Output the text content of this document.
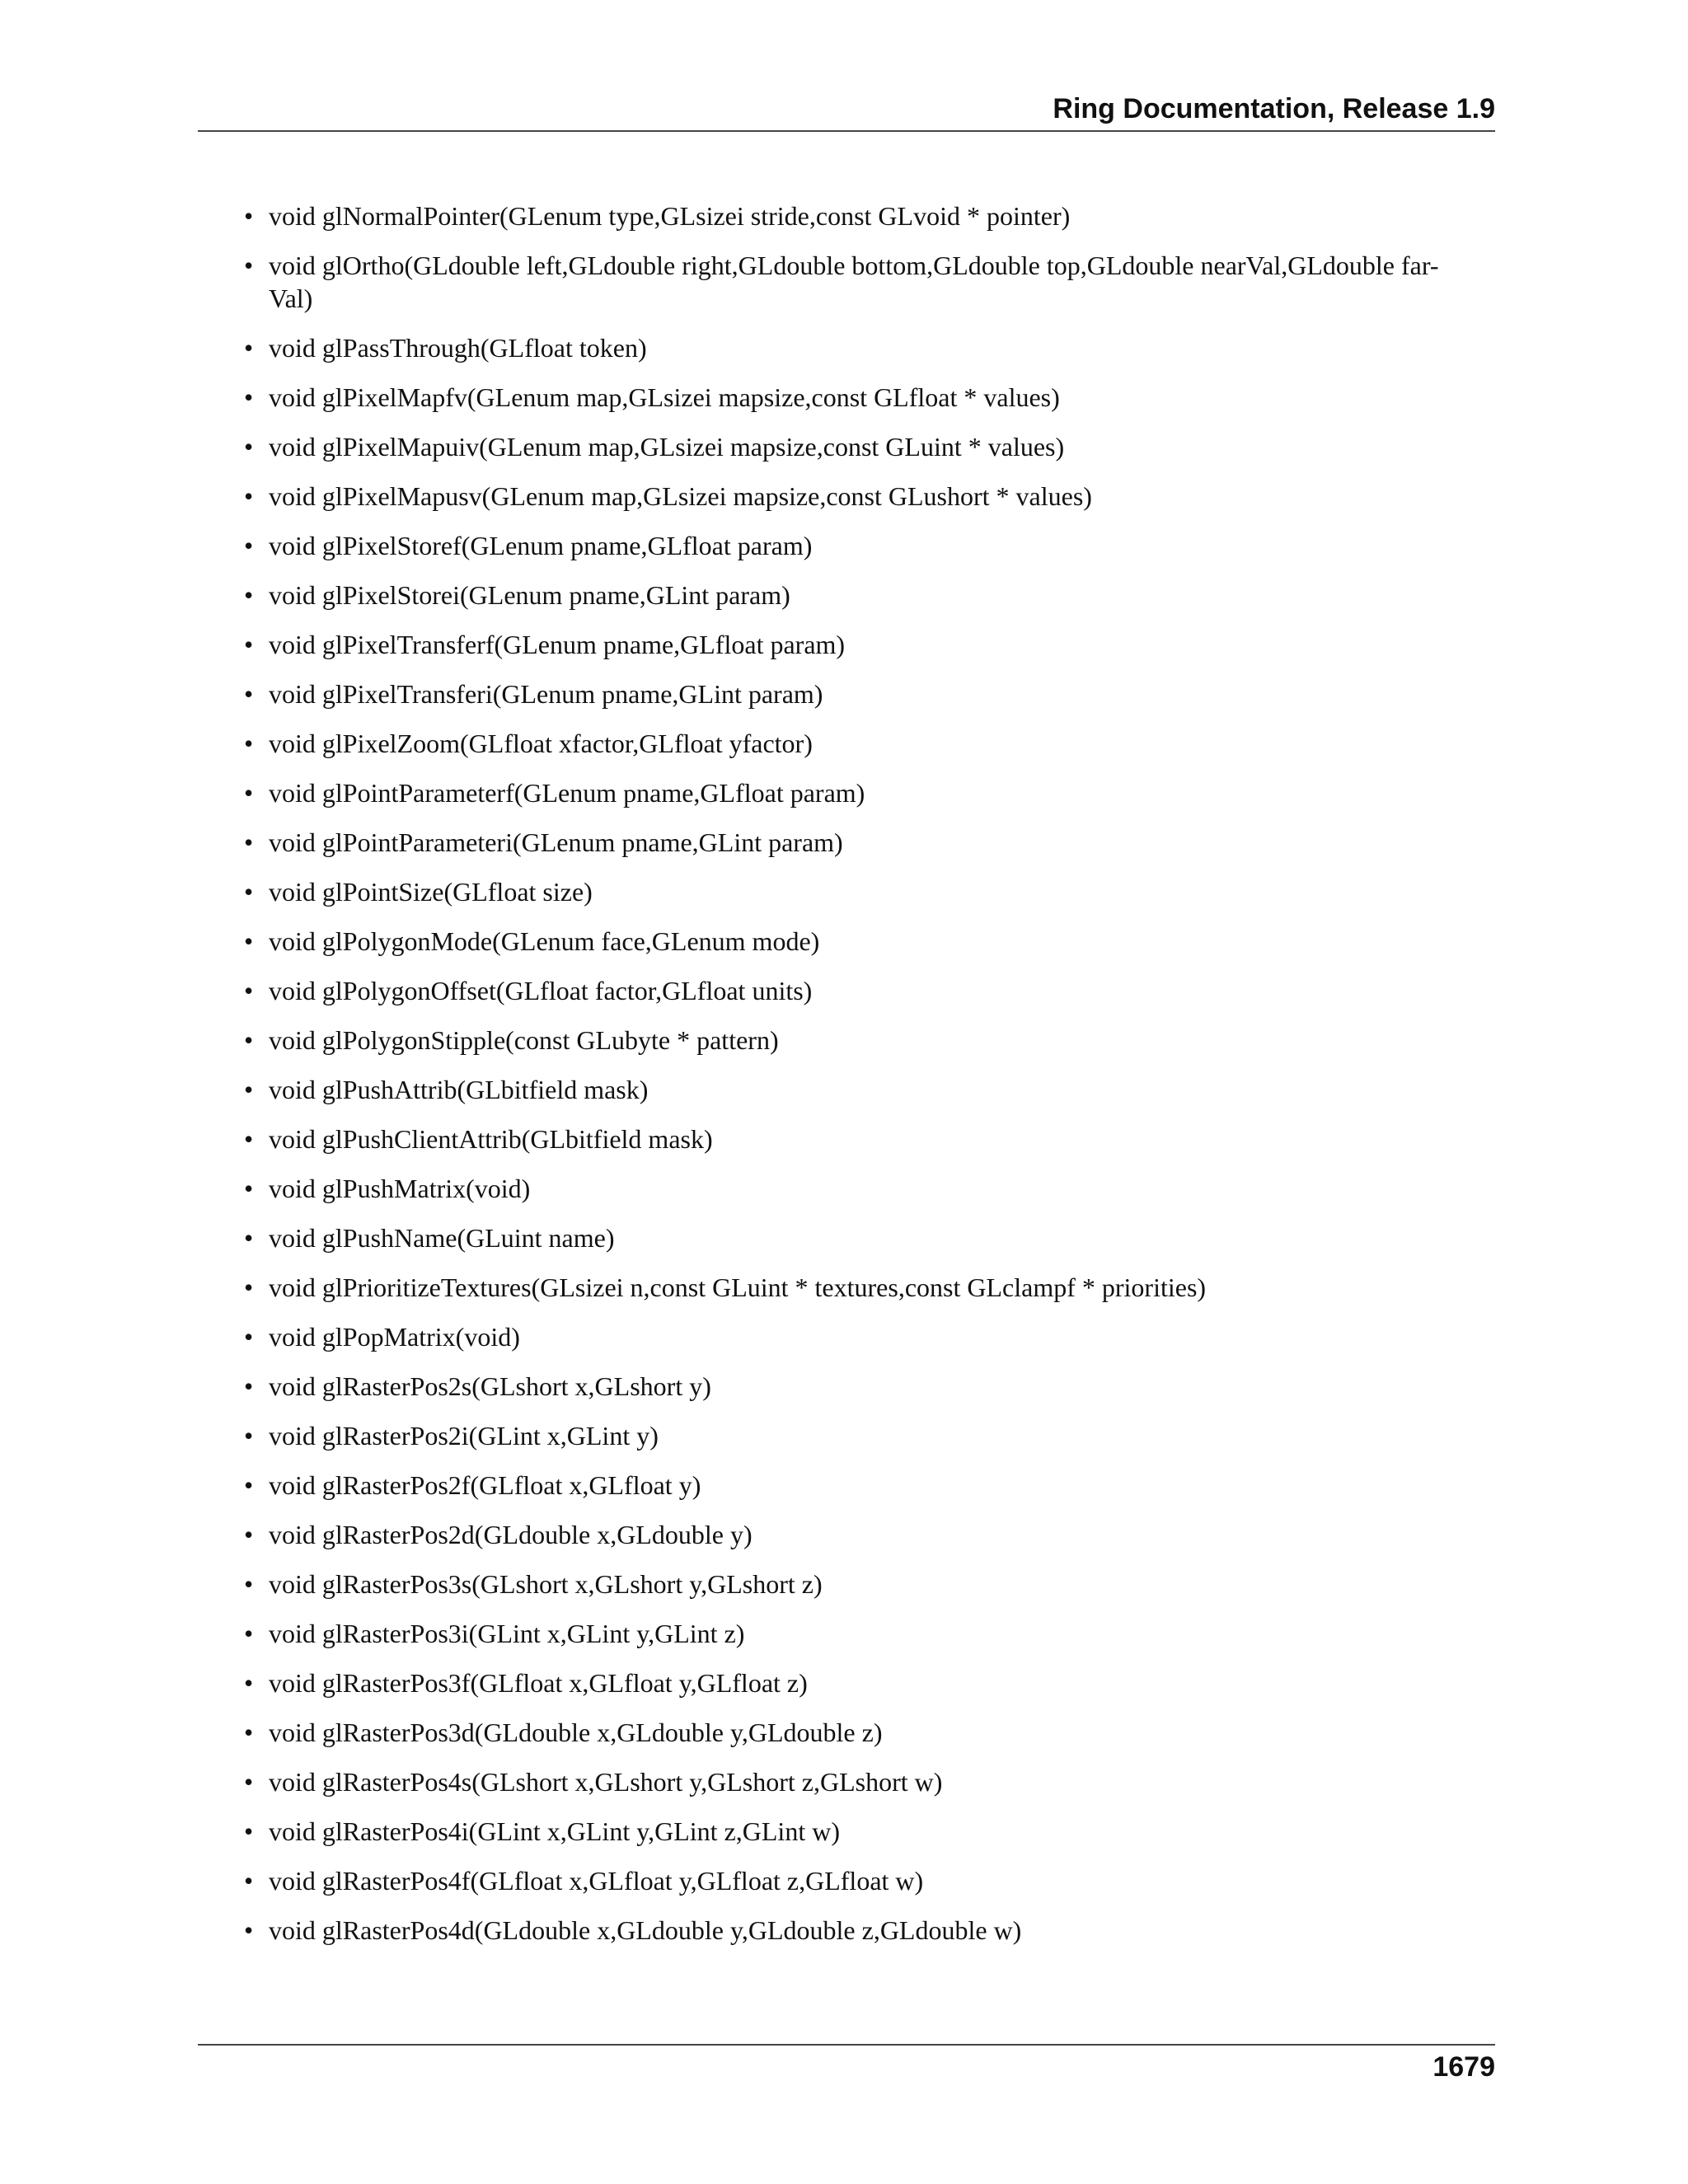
Ring Documentation, Release 1.9
• void glNormalPointer(GLenum type,GLsizei stride,const GLvoid * pointer)
• void glOrtho(GLdouble left,GLdouble right,GLdouble bottom,GLdouble top,GLdouble nearVal,GLdouble far-
Val)
• void glPassThrough(GLfloat token)
• void glPixelMapfv(GLenum map,GLsizei mapsize,const GLfloat * values)
• void glPixelMapuiv(GLenum map,GLsizei mapsize,const GLuint * values)
• void glPixelMapusv(GLenum map,GLsizei mapsize,const GLushort * values)
• void glPixelStoref(GLenum pname,GLfloat param)
• void glPixelStorei(GLenum pname,GLint param)
• void glPixelTransferf(GLenum pname,GLfloat param)
• void glPixelTransferi(GLenum pname,GLint param)
• void glPixelZoom(GLfloat xfactor,GLfloat yfactor)
• void glPointParameterf(GLenum pname,GLfloat param)
• void glPointParameteri(GLenum pname,GLint param)
• void glPointSize(GLfloat size)
• void glPolygonMode(GLenum face,GLenum mode)
• void glPolygonOffset(GLfloat factor,GLfloat units)
• void glPolygonStipple(const GLubyte * pattern)
• void glPushAttrib(GLbitfield mask)
• void glPushClientAttrib(GLbitfield mask)
• void glPushMatrix(void)
• void glPushName(GLuint name)
• void glPrioritizeTextures(GLsizei n,const GLuint * textures,const GLclampf * priorities)
• void glPopMatrix(void)
• void glRasterPos2s(GLshort x,GLshort y)
• void glRasterPos2i(GLint x,GLint y)
• void glRasterPos2f(GLfloat x,GLfloat y)
• void glRasterPos2d(GLdouble x,GLdouble y)
• void glRasterPos3s(GLshort x,GLshort y,GLshort z)
• void glRasterPos3i(GLint x,GLint y,GLint z)
• void glRasterPos3f(GLfloat x,GLfloat y,GLfloat z)
• void glRasterPos3d(GLdouble x,GLdouble y,GLdouble z)
• void glRasterPos4s(GLshort x,GLshort y,GLshort z,GLshort w)
• void glRasterPos4i(GLint x,GLint y,GLint z,GLint w)
• void glRasterPos4f(GLfloat x,GLfloat y,GLfloat z,GLfloat w)
• void glRasterPos4d(GLdouble x,GLdouble y,GLdouble z,GLdouble w)
1679
